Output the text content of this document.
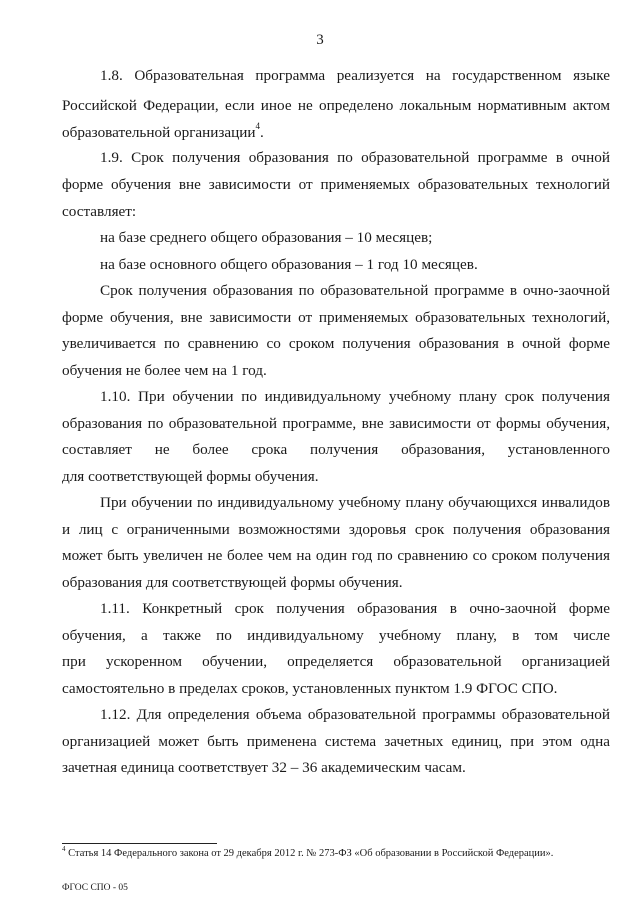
3
1.8. Образовательная программа реализуется на государственном языке
Российской Федерации, если иное не определено локальным нормативным актом
образовательной организации$^4$.
1.9. Срок получения образования по образовательной программе в очной
форме обучения вне зависимости от применяемых образовательных технологий
составляет:
на базе среднего общего образования – 10 месяцев;
на базе основного общего образования – 1 год 10 месяцев.
Срок получения образования по образовательной программе в очно-заочной
форме обучения, вне зависимости от применяемых образовательных технологий,
увеличивается по сравнению со сроком получения образования в очной форме
обучения не более чем на 1 год.
1.10. При обучении по индивидуальному учебному плану срок получения
образования по образовательной программе, вне зависимости от формы обучения,
составляет не более срока получения образования, установленного
для соответствующей формы обучения.
При обучении по индивидуальному учебному плану обучающихся инвалидов
и лиц с ограниченными возможностями здоровья срок получения образования
может быть увеличен не более чем на один год по сравнению со сроком получения
образования для соответствующей формы обучения.
1.11. Конкретный срок получения образования в очно-заочной форме
обучения, а также по индивидуальному учебному плану, в том числе
при ускоренном обучении, определяется образовательной организацией
самостоятельно в пределах сроков, установленных пунктом 1.9 ФГОС СПО.
1.12. Для определения объема образовательной программы образовательной
организацией может быть применена система зачетных единиц, при этом одна
зачетная единица соответствует 32 – 36 академическим часам.
$^4$ Статья 14 Федерального закона от 29 декабря 2012 г. № 273-ФЗ «Об образовании в Российской Федерации».
ФГОС СПО - 05
